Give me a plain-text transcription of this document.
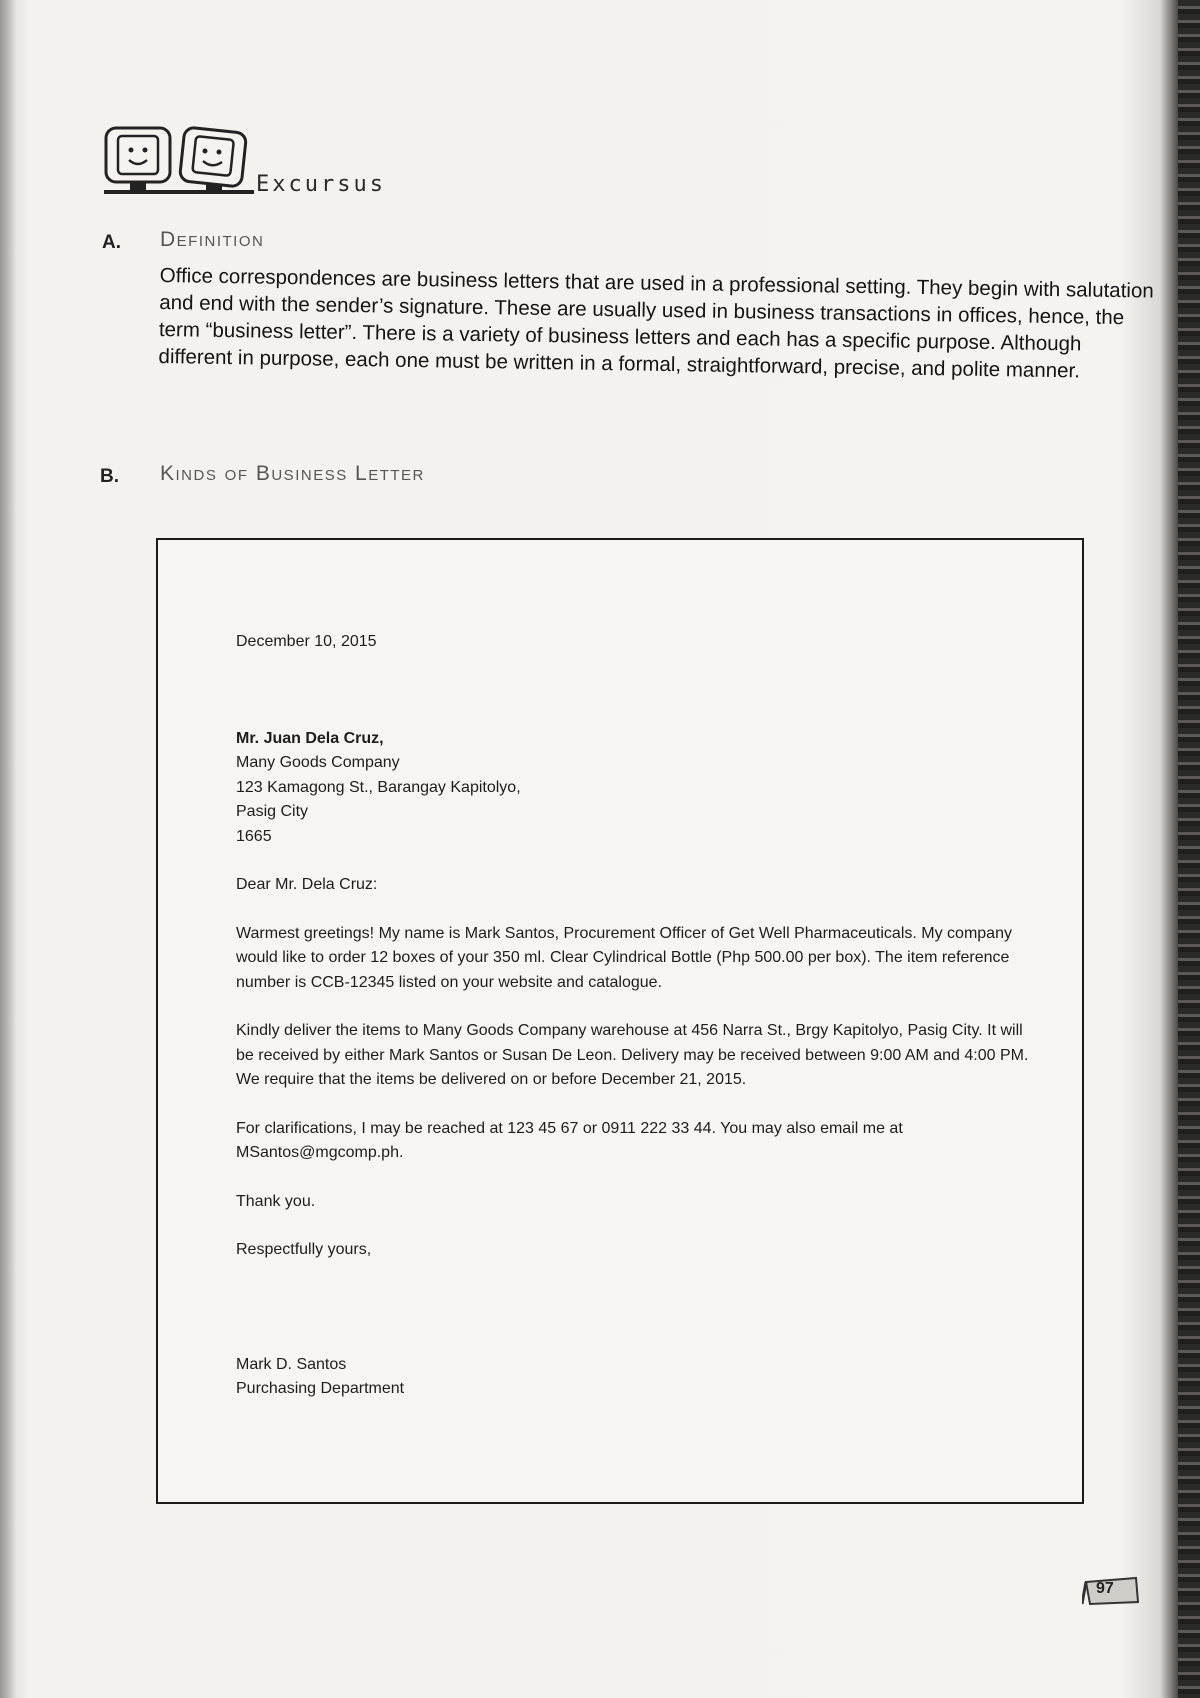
Excursus
A. Definition
Office correspondences are business letters that are used in a professional setting. They begin with salutation and end with the sender’s signature. These are usually used in business transactions in offices, hence, the term “business letter”. There is a variety of business letters and each has a specific purpose. Although different in purpose, each one must be written in a formal, straightforward, precise, and polite manner.
B. Kinds of Business Letter

December 10, 2015

Mr. Juan Dela Cruz,
Many Goods Company
123 Kamagong St., Barangay Kapitolyo,
Pasig City
1665

Dear Mr. Dela Cruz:

Warmest greetings! My name is Mark Santos, Procurement Officer of Get Well Pharmaceuticals. My company would like to order 12 boxes of your 350 ml. Clear Cylindrical Bottle (Php 500.00 per box). The item reference number is CCB-12345 listed on your website and catalogue.

Kindly deliver the items to Many Goods Company warehouse at 456 Narra St., Brgy Kapitolyo, Pasig City. It will be received by either Mark Santos or Susan De Leon. Delivery may be received between 9:00 AM and 4:00 PM. We require that the items be delivered on or before December 21, 2015.

For clarifications, I may be reached at 123 45 67 or 0911 222 33 44. You may also email me at MSantos@mgcomp.ph.

Thank you.

Respectfully yours,

Mark D. Santos
Purchasing Department
97
